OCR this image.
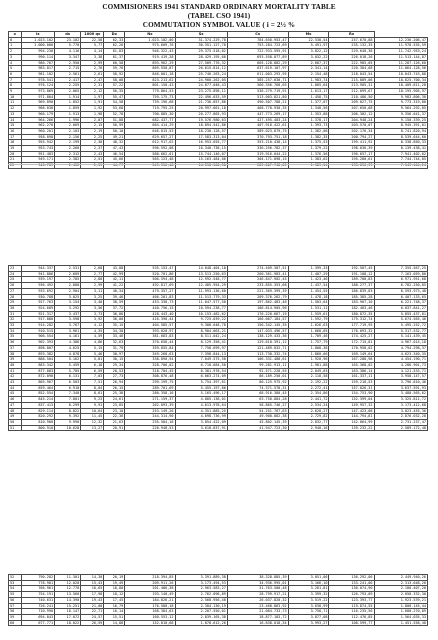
COMMISIONERS 1941 STANDARD ORDINARY MORTALITY TABLE
(TABEL CSO 1941)
COMMUTATION SYMBOL VALUE ( i = 2½ %
x	lx	dx	1000 qx	Dx	Nx	Sx	Cx	Mx	Rx	
0	1.023.102	23.102	22,58	62,33	1.023.102,00	31.374.229,78	784.658.953,47	22.538,54	257.670,88	12.236.206,47
1	1.000.000	5.770	5,77	62,26	975.609,76	30.351.127,78	753.284.723,69	5.491,97	235.132,35	11.978.535,59
2	994.230	4.116	4,14	61,83	946.322,43	29.375.518,02	722.933.595,91	3.822,12	229.640,38	11.742.953,24
3	990.114	3.347	3,38	61,37	919.419,28	28.429.195,60	693.558.077,89	3.032,22	226.018,26	11.513.144,87
4	986.767	2.950	2,99	60,58	893.962,29	27.509.776,32	665.128.882,29	2.607,37	222.985,05	11.287.126,60
5	983.817	2.715	2,76	59,76	869.550,87	26.615.814,12	637.619.107,97	2.341,14	220.384,68	11.064.128,56
6	981.102	2.561	2,61	58,92	846.001,18	25.746.263,24	611.003.293,95	2.154,48	218.043,54	10.843.743,88
7	978.541	2.417	2,47	58,08	823.213,62	24.900.262,05	585.257.030,71	1.983,74	215.889,06	10.625.700,34
8	976.124	2.255	2,31	57,22	801.150,43	24.077.048,43	560.356.768,65	1.805,64	213.905,31	10.409.811,28
9	973.869	2.065	2,12	56,35	779.864,53	23.275.898,11	536.279.719,91	1.613,17	212.099,67	10.195.905,97
10	971.804	1.914	1,97	55,47	759.175,73	22.496.033,59	513.003.821,80	1.458,75	210.486,50	9.983.806,30
11	969.890	1.852	1,91	54,58	739.196,68	21.736.857,86	490.507.788,21	1.377,07	209.027,75	9.773.319,80
12	968.038	1.859	1,92	53,68	719.795,25	20.997.661,18	468.770.930,35	1.348,56	207.650,68	9.564.292,05
13	966.179	1.913	1,98	52,78	700.885,30	20.277.865,93	447.773.269,17	1.353,88	206.302,12	9.356.641,37
14	964.266	1.996	2,07	51,88	682.437,77	19.576.980,63	427.495.403,24	1.378,17	204.948,24	9.150.339,25
15	962.270	2.069	2,15	50,99	664.414,29	18.894.542,86	407.918.422,61	1.393,73	203.570,07	8.945.391,01
16	960.201	2.103	2,19	50,10	646.815,53	18.230.128,57	389.023.879,75	1.382,08	202.176,34	8.741.820,94
17	958.098	2.156	2,25	49,21	629.657,27	17.583.313,04	370.793.751,18	1.382,35	200.794,27	8.539.644,60
18	955.942	2.199	2,30	48,32	612.917,62	16.953.655,77	353.210.438,14	1.375,53	199.411,92	8.338.850,33
19	953.743	2.260	2,37	47,43	596.592,08	16.340.738,15	336.256.782,37	1.379,22	198.036,39	8.139.438,41
20	951.483	2.312	2,43	46,54	580.662,01	15.744.146,07	319.916.044,22	1.376,56	196.657,17	7.941.402,02
21	949.171	2.382	2,51	45,66	565.123,48	15.163.484,06	304.171.898,15	1.383,62	195.280,61	7.744.744,85
22	946.789	2.452	2,59	44,77	549.956,48	14.598.360,58	289.007.748,09	1.389,54	193.896,99	7.549.464,24
23	944.337	2.531	2,68	43,88	535.153,47	14.048.404,10	274.409.387,51	1.399,33	192.507,45	7.355.567,25
24	941.806	2.609	2,77	42,99	520.701,86	13.513.250,63	260.361.983,41	1.407,29	191.108,12	7.163.059,80
25	939.197	2.705	2,88	42,11	506.594,48	12.992.548,77	246.847.902,45	1.423,46	189.700,83	6.971.951,68
26	936.492	2.800	2,99	41,22	492.817,69	12.485.954,29	233.855.353,68	1.437,54	188.277,37	6.782.250,85
27	933.692	2.904	3,11	40,34	479.357,27	11.993.136,60	221.369.399,39	1.454,55	186.839,83	6.593.973,48
28	930.788	3.025	3,25	39,46	466.201,83	11.513.779,33	209.376.262,79	1.478,18	185.385,28	6.407.133,65
29	927.763	3.154	3,40	38,59	453.338,73	11.047.577,50	197.862.483,46	1.503,64	183.907,10	6.221.748,37
30	924.609	3.292	3,56	37,72	440.756,15	10.594.238,77	186.814.905,96	1.531,11	182.403,46	6.037.841,27
31	921.317	3.437	3,73	36,86	428.443,40	10.153.482,62	176.220.667,19	1.559,61	180.872,35	5.855.437,81
32	917.880	3.598	3,92	36,00	416.390,44	9.725.039,22	166.067.184,57	1.592,79	179.312,74	5.674.565,46
33	914.282	3.767	4,12	35,15	404.585,57	9.308.648,78	156.342.145,35	1.626,63	177.719,95	5.495.252,72
34	910.515	3.961	4,35	34,30	393.020,97	8.904.063,21	147.033.496,57	1.668,05	176.093,32	5.317.532,77
35	906.554	4.161	4,59	33,46	381.683,83	8.511.042,24	138.129.433,36	1.709,46	174.425,27	5.141.439,45
36	902.393	4.386	4,86	32,63	370.658,44	8.129.358,41	129.618.391,12	1.757,79	172.715,81	4.967.014,18
37	898.007	4.625	5,15	31,79	359.855,84	7.758.699,97	121.489.032,71	1.808,38	170.958,02	4.794.298,37
38	893.382	4.878	5,46	30,97	349.268,63	7.398.844,13	113.730.332,74	1.860,66	169.149,64	4.623.340,35
39	888.504	5.162	5,81	30,15	338.890,94	7.049.575,50	106.331.488,61	1.920,96	167.288,98	4.454.190,71
40	883.342	5.459	6,18	29,34	328.706,02	6.710.684,56	99.281.913,11	1.981,88	165.368,02	4.286.901,73
41	877.883	5.785	6,59	28,53	318.704,45	6.381.978,54	92.571.228,55	2.049,03	163.386,14	4.121.533,71
42	872.098	6.131	7,03	27,73	308.876,48	6.063.274,09	86.189.250,01	2.118,58	161.337,11	3.958.147,57
43	865.967	6.503	7,51	26,94	299.199,75	5.754.397,61	80.125.975,92	2.192,22	159.218,53	3.796.810,46
44	859.464	6.910	8,04	26,15	289.701,69	5.455.197,86	74.371.578,31	2.272,41	157.026,31	3.637.591,93
45	852.554	7.340	8,61	25,38	280.358,16	5.165.496,17	68.916.380,45	2.354,86	154.753,90	3.480.565,62
46	845.214	7.801	9,23	24,61	271.159,37	4.885.138,01	63.750.884,28	2.441,72	152.399,04	3.325.811,72
47	837.413	8.299	9,91	23,85	262.093,39	4.613.978,64	58.865.746,27	2.534,24	149.957,32	3.173.412,68
48	829.114	8.822	10,64	23,10	253.149,26	4.351.885,25	54.251.767,63	2.628,27	147.423,08	3.023.455,36
49	820.292	9.392	11,45	22,36	244.314,90	4.098.736,99	49.900.882,38	2.729,82	144.794,81	2.876.032,28
50	810.900	9.990	12,32	21,63	235.584,18	3.854.422,09	45.802.145,39	2.832,77	142.064,99	2.731.237,47
51	800.910	10.628	13,27	20,91	226.948,53	3.618.837,91	41.947.723,30	2.940,16	139.232,22	2.589.172,48
52	790.282	11.301	14,30	20,19	218.394,85	3.391.889,38	38.328.885,39	3.051,06	136.292,06	2.449.940,26
53	778.981	12.020	15,43	19,49	209.911,26	3.173.494,53	34.936.995,01	3.166,10	133.241,00	2.313.648,20
54	766.961	12.770	16,65	18,80	201.486,38	2.963.583,27	31.763.500,48	3.281,81	130.074,90	2.180.407,20
55	754.191	13.560	17,98	18,12	193.140,49	2.762.096,89	28.799.917,21	3.399,32	126.793,09	2.050.332,30
56	740.631	14.390	19,43	17,45	184.826,21	2.568.956,40	26.037.820,32	3.519,22	123.393,77	1.923.539,21
57	726.241	15.251	21,00	16,79	176.580,18	2.384.130,19	23.468.863,92	3.638,99	119.874,55	1.800.145,44
58	710.990	16.147	22,71	16,14	168.384,63	2.207.550,01	21.084.733,73	3.758,71	116.235,56	1.680.270,89
59	694.843	17.072	24,57	15,51	160.553,12	2.039.165,38	18.877.183,72	3.877,08	112.476,85	1.564.035,33
60	677.771	18.022	26,59	14,88	152.810,68	1.878.612,26	16.838.018,34	3.993,27	108.599,77	1.451.558,48
